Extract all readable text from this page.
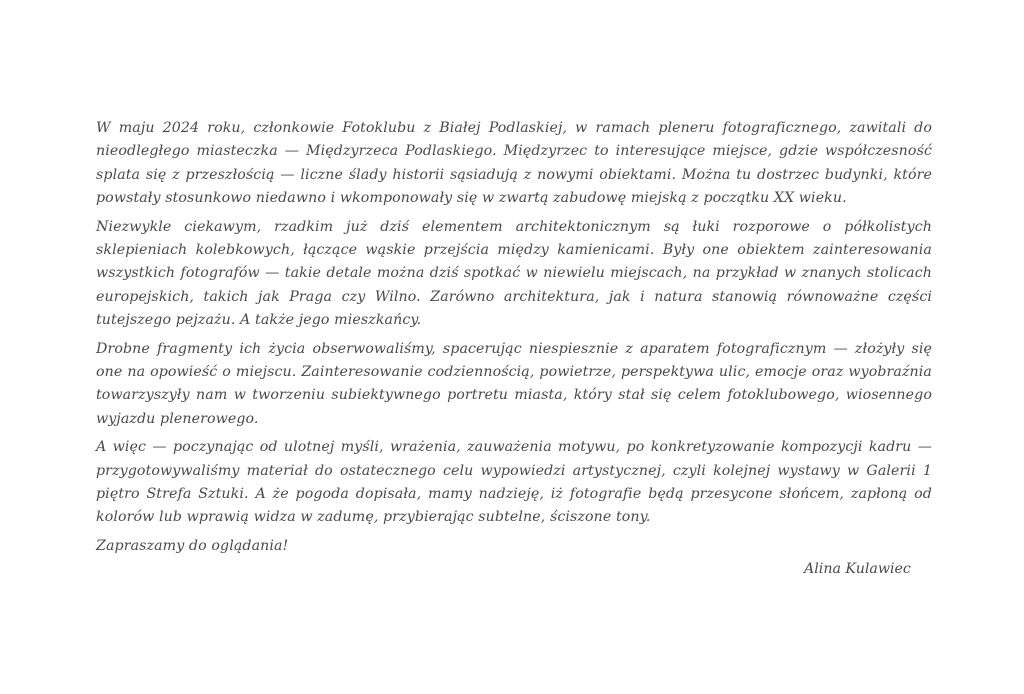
W maju 2024 roku, członkowie Fotoklubu z Białej Podlaskiej, w ramach pleneru fotograficznego, zawitali do nieodległego miasteczka — Międzyrzeca Podlaskiego. Międzyrzec to interesujące miejsce, gdzie współczesność splata się z przeszłością — liczne ślady historii sąsiadują z nowymi obiektami. Można tu dostrzec budynki, które powstały stosunkowo niedawno i wkomponowały się w zwartą zabudowę miejską z początku XX wieku.

Niezwykle ciekawym, rzadkim już dziś elementem architektonicznym są łuki rozporowe o półkolistych sklepieniach kolebkowych, łączące wąskie przejścia między kamienicami. Były one obiektem zainteresowania wszystkich fotografów — takie detale można dziś spotkać w niewielu miejscach, na przykład w znanych stolicach europejskich, takich jak Praga czy Wilno. Zarówno architektura, jak i natura stanowią równoważne części tutejszego pejzażu. A także jego mieszkańcy.

Drobne fragmenty ich życia obserwowaliśmy, spacerując niespiesznie z aparatem fotograficznym — złożyły się one na opowieść o miejscu. Zainteresowanie codziennością, powietrze, perspektywa ulic, emocje oraz wyobraźnia towarzyszyły nam w tworzeniu subiektywnego portretu miasta, który stał się celem fotoklubowego, wiosennego wyjazdu plenerowego.

A więc — poczynając od ulotnej myśli, wrażenia, zauważenia motywu, po konkretyzowanie kompozycji kadru — przygotowywaliśmy materiał do ostatecznego celu wypowiedzi artystycznej, czyli kolejnej wystawy w Galerii 1 piętro Strefa Sztuki. A że pogoda dopisała, mamy nadzieję, iż fotografie będą przesycone słońcem, zapłoną od kolorów lub wprawią widza w zadumę, przybierając subtelne, ściszone tony.

Zapraszamy do oglądania!

Alina Kulawiec
